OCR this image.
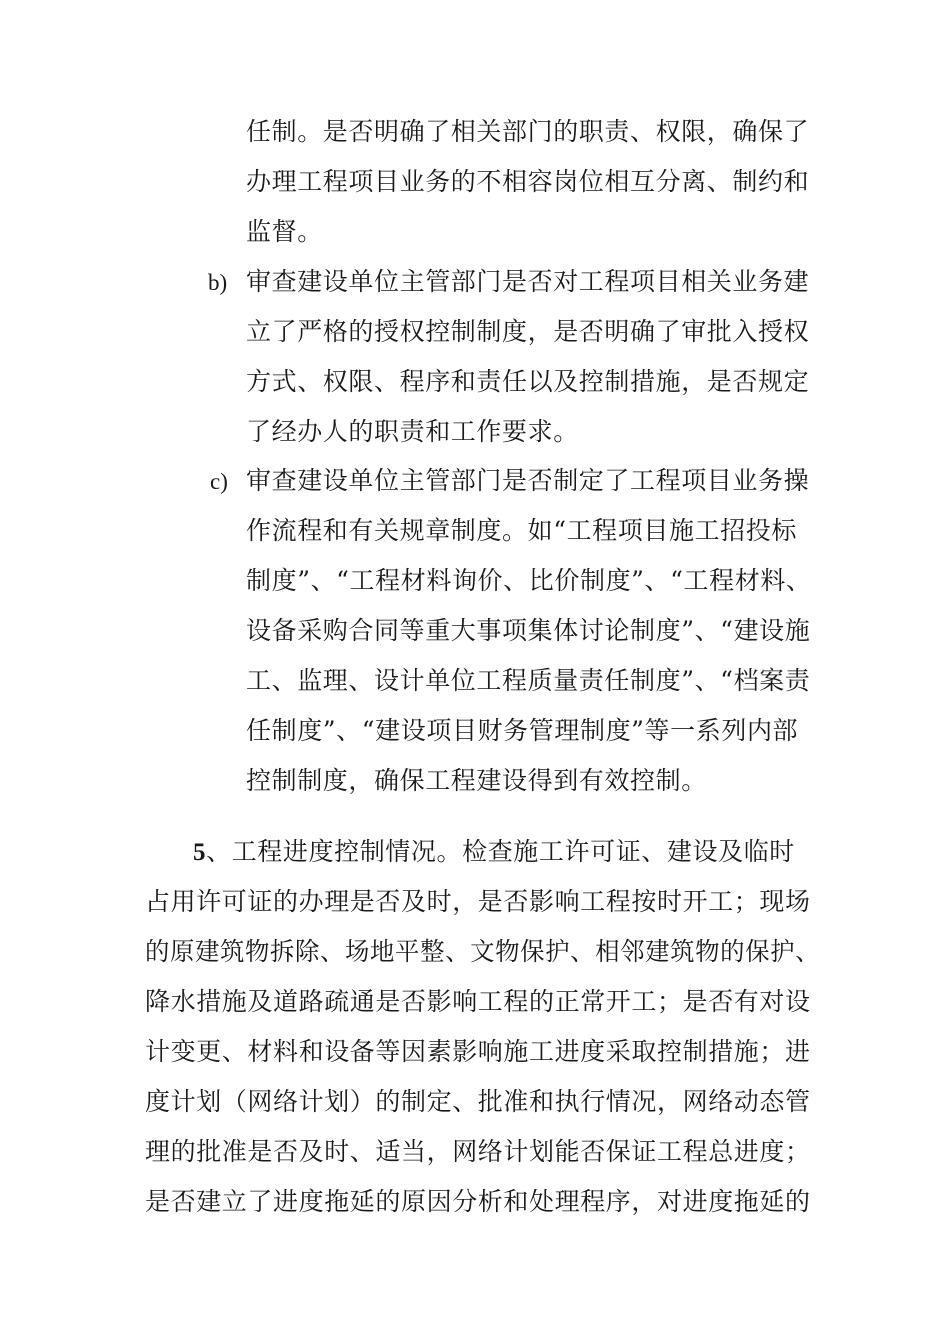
任制。是否明确了相关部门的职责、权限，确保了
办理工程项目业务的不相容岗位相互分离、制约和
监督。
b) 审查建设单位主管部门是否对工程项目相关业务建
立了严格的授权控制制度，是否明确了审批入授权
方式、权限、程序和责任以及控制措施，是否规定
了经办人的职责和工作要求。
c) 审查建设单位主管部门是否制定了工程项目业务操
作流程和有关规章制度。如“工程项目施工招投标
制度”、“工程材料询价、比价制度”、“工程材料、
设备采购合同等重大事项集体讨论制度”、“建设施
工、监理、设计单位工程质量责任制度”、“档案责
任制度”、“建设项目财务管理制度”等一系列内部
控制制度，确保工程建设得到有效控制。
5、工程进度控制情况。检查施工许可证、建设及临时
占用许可证的办理是否及时，是否影响工程按时开工；现场
的原建筑物拆除、场地平整、文物保护、相邻建筑物的保护、
降水措施及道路疏通是否影响工程的正常开工；是否有对设
计变更、材料和设备等因素影响施工进度采取控制措施；进
度计划（网络计划）的制定、批准和执行情况，网络动态管
理的批准是否及时、适当，网络计划能否保证工程总进度；
是否建立了进度拖延的原因分析和处理程序，对进度拖延的
